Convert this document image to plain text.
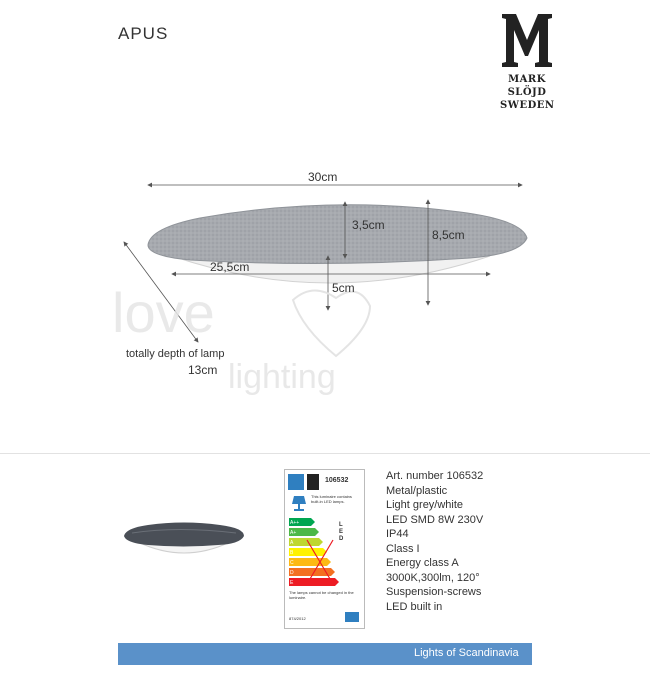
APUS
MARK
SLÖJD
SWEDEN
love
lighting
30cm
3,5cm
8,5cm
25,5cm
5cm
totally depth of lamp
13cm
106532
This luminaire contains built-in LED lamps.
A++
A+
A
B
C
D
E
L
E
D
The lamps cannot be changed in the luminaire.
874/2012
Art. number 106532
Metal/plastic
Light grey/white
LED SMD 8W 230V
IP44
Class I
Energy class A
3000K,300lm, 120°
Suspension-screws
LED built in
Lights of Scandinavia
